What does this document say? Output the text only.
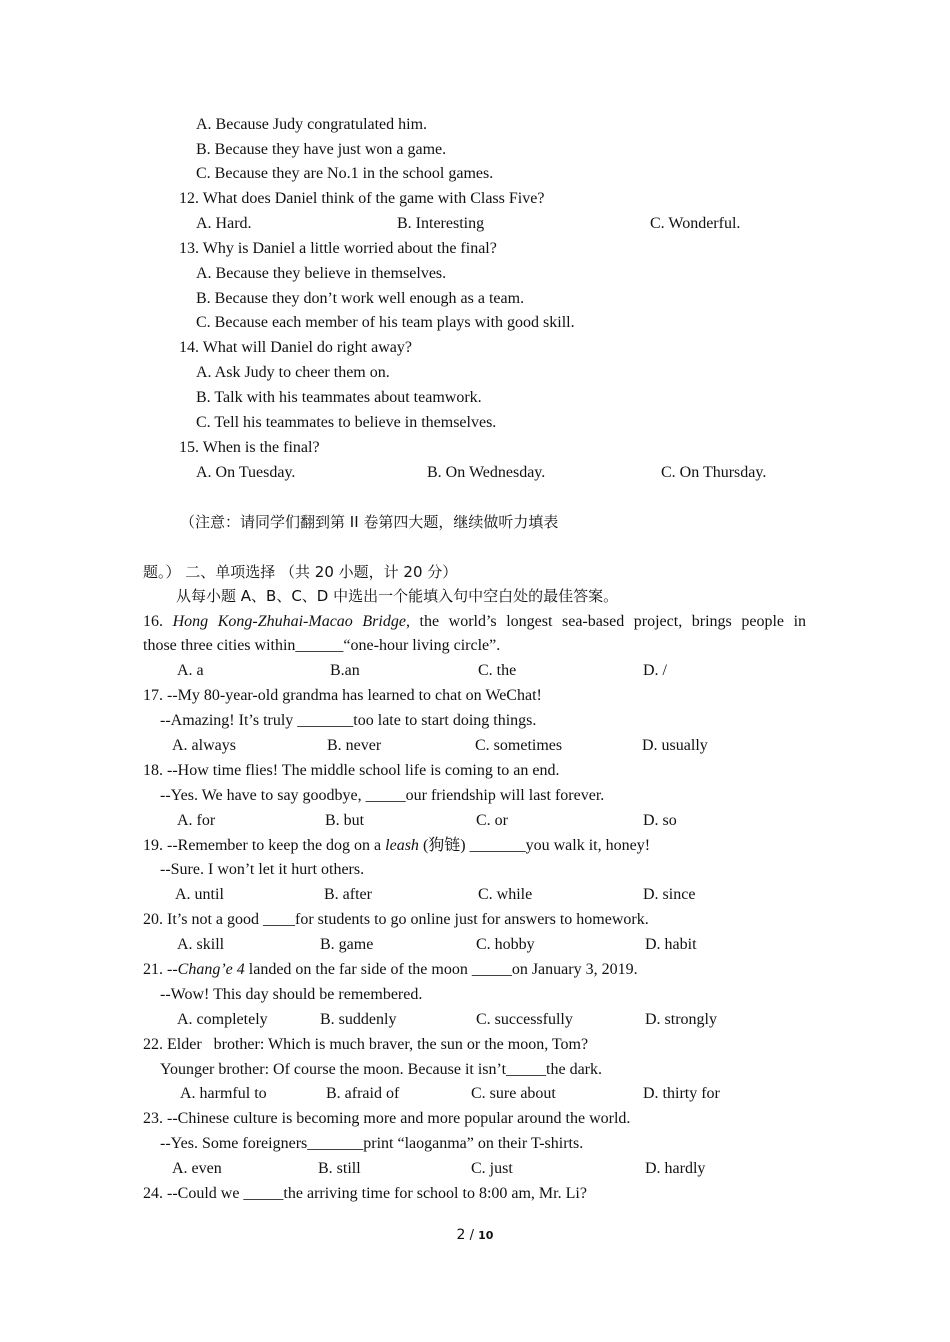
2 / 10
A. Because Judy congratulated him.
B. Because they have just won a game.
C. Because they are No.1 in the school games.
12. What does Daniel think of the game with Class Five?
A. Hard.	B. Interesting	C. Wonderful.
13. Why is Daniel a little worried about the final?
A. Because they believe in themselves.
B. Because they don’t work well enough as a team.
C. Because each member of his team plays with good skill.
14. What will Daniel do right away?
A. Ask Judy to cheer them on.
B. Talk with his teammates about teamwork.
C. Tell his teammates to believe in themselves.
15. When is the final?
A. On Tuesday.	B. On Wednesday.	C. On Thursday.
（注意：请同学们翻到第 II 卷第四大题，继续做听力填表
题。） 二、单项选择 （共 20 小题，计 20 分）
从每小题 A、B、C、D 中选出一个能填入句中空白处的最佳答案。
16. Hong Kong-Zhuhai-Macao Bridge, the world’s longest sea-based project, brings people in
those three cities within______“one-hour living circle”.
A. a	B.an	C. the	D. /
17. --My 80-year-old grandma has learned to chat on WeChat!
--Amazing! It’s truly _______too late to start doing things.
A. always	B. never	C. sometimes	D. usually
18. --How time flies! The middle school life is coming to an end.
--Yes. We have to say goodbye, _____our friendship will last forever.
A. for	B. but	C. or	D. so
19. --Remember to keep the dog on a leash (狗链) _______you walk it, honey!
--Sure. I won’t let it hurt others.
A. until	B. after	C. while	D. since
20. It’s not a good ____for students to go online just for answers to homework.
A. skill	B. game	C. hobby	D. habit
21. --Chang’e 4 landed on the far side of the moon _____on January 3, 2019.
--Wow! This day should be remembered.
A. completely	B. suddenly	C. successfully	D. strongly
22. Elder   brother: Which is much braver, the sun or the moon, Tom?
Younger brother: Of course the moon. Because it isn’t_____the dark.
A. harmful to	B. afraid of	C. sure about	D. thirty for
23. --Chinese culture is becoming more and more popular around the world.
--Yes. Some foreigners_______print “laoganma” on their T-shirts.
A. even	B. still	C. just	D. hardly
24. --Could we _____the arriving time for school to 8:00 am, Mr. Li?
